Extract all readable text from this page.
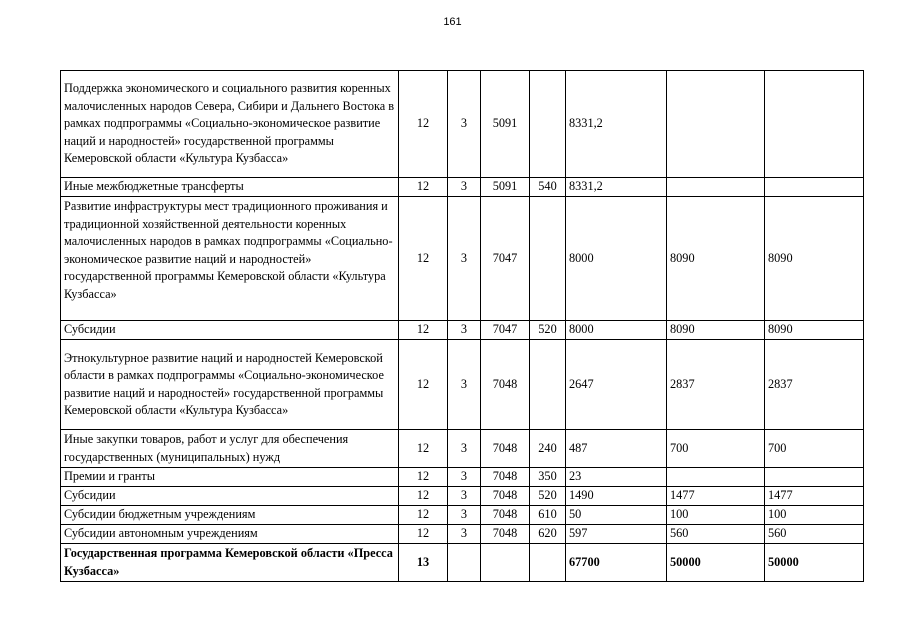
161
Поддержка экономического и социального развития коренных малочисленных народов Севера, Сибири и Дальнего Востока в рамках подпрограммы «Социально-экономическое развитие наций и народностей» государственной программы Кемеровской области «Культура Кузбасса»	12	3	5091		8331,2		
Иные межбюджетные трансферты	12	3	5091	540	8331,2		
Развитие инфраструктуры мест традиционного проживания и традиционной хозяйственной деятельности коренных малочисленных народов в рамках подпрограммы «Социально-экономическое развитие наций и народностей» государственной программы Кемеровской области «Культура Кузбасса»	12	3	7047		8000	8090	8090
Субсидии	12	3	7047	520	8000	8090	8090
Этнокультурное развитие наций и народностей Кемеровской области в рамках подпрограммы «Социально-экономическое развитие наций и народностей» государственной программы Кемеровской области «Культура Кузбасса»	12	3	7048		2647	2837	2837
Иные закупки товаров, работ и услуг для обеспечения государственных (муниципальных) нужд	12	3	7048	240	487	700	700
Премии и гранты	12	3	7048	350	23		
Субсидии	12	3	7048	520	1490	1477	1477
Субсидии бюджетным учреждениям	12	3	7048	610	50	100	100
Субсидии автономным учреждениям	12	3	7048	620	597	560	560
Государственная программа Кемеровской области «Пресса Кузбасса»	13				67700	50000	50000
